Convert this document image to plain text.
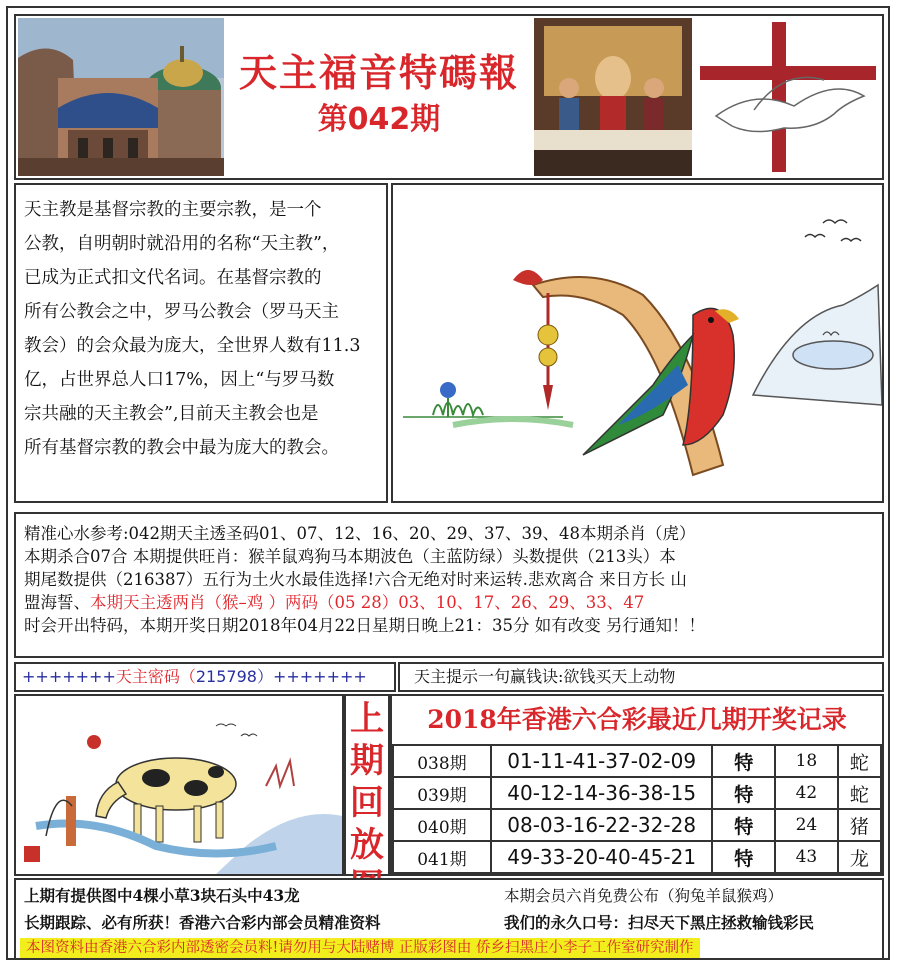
天主福音特碼報
第042期

天主教是基督宗教的主要宗教，是一个

公教，自明朝时就沿用的名称“天主教”，

已成为正式扣文代名词。在基督宗教的

所有公教会之中，罗马公教会（罗马天主

教会）的会众最为庞大，全世界人数有11.3

亿，占世界总人口17%，因上“与罗马数

宗共融的天主教会”,目前天主教会也是

所有基督宗教的教会中最为庞大的教会。

精准心水参考:042期天主透圣码01、07、12、16、20、29、37、39、48本期杀肖（虎）
本期杀合07合 本期提供旺肖：猴羊鼠鸡狗马本期波色（主蓝防绿）头数提供（213头）本
期尾数提供（216387）五行为土火水最佳选择!六合无绝对时来运转.悲欢离合 来日方长 山
盟海誓、本期天主透两肖（猴–鸡 ）两码（05 28）03、10、17、26、29、33、47
时会开出特码，本期开奖日期2018年04月22日星期日晚上21：35分 如有改变 另行通知！！
+++++++天主密码（215798）+++++++	天主提示一句赢钱诀:欲钱买天上动物
上
期
回
放
2018年香港六合彩最近几期开奖记录
038期	01-11-41-37-02-09	特	18	蛇
039期	40-12-14-36-38-15	特	42	蛇
040期	08-03-16-22-32-28	特	24	猪
041期	49-33-20-40-45-21	特	43	龙
上期有提供图中4棵小草3块石头中43龙	本期会员六肖免费公布（狗兔羊鼠猴鸡）
长期跟踪、必有所获！香港六合彩内部会员精准资料	我们的永久口号：扫尽天下黑庄拯救输钱彩民
本图资料由香港六合彩内部透密会员料!请勿用与大陆赌博 正版彩图由 侨乡扫黑庄小李子工作室研究制作
